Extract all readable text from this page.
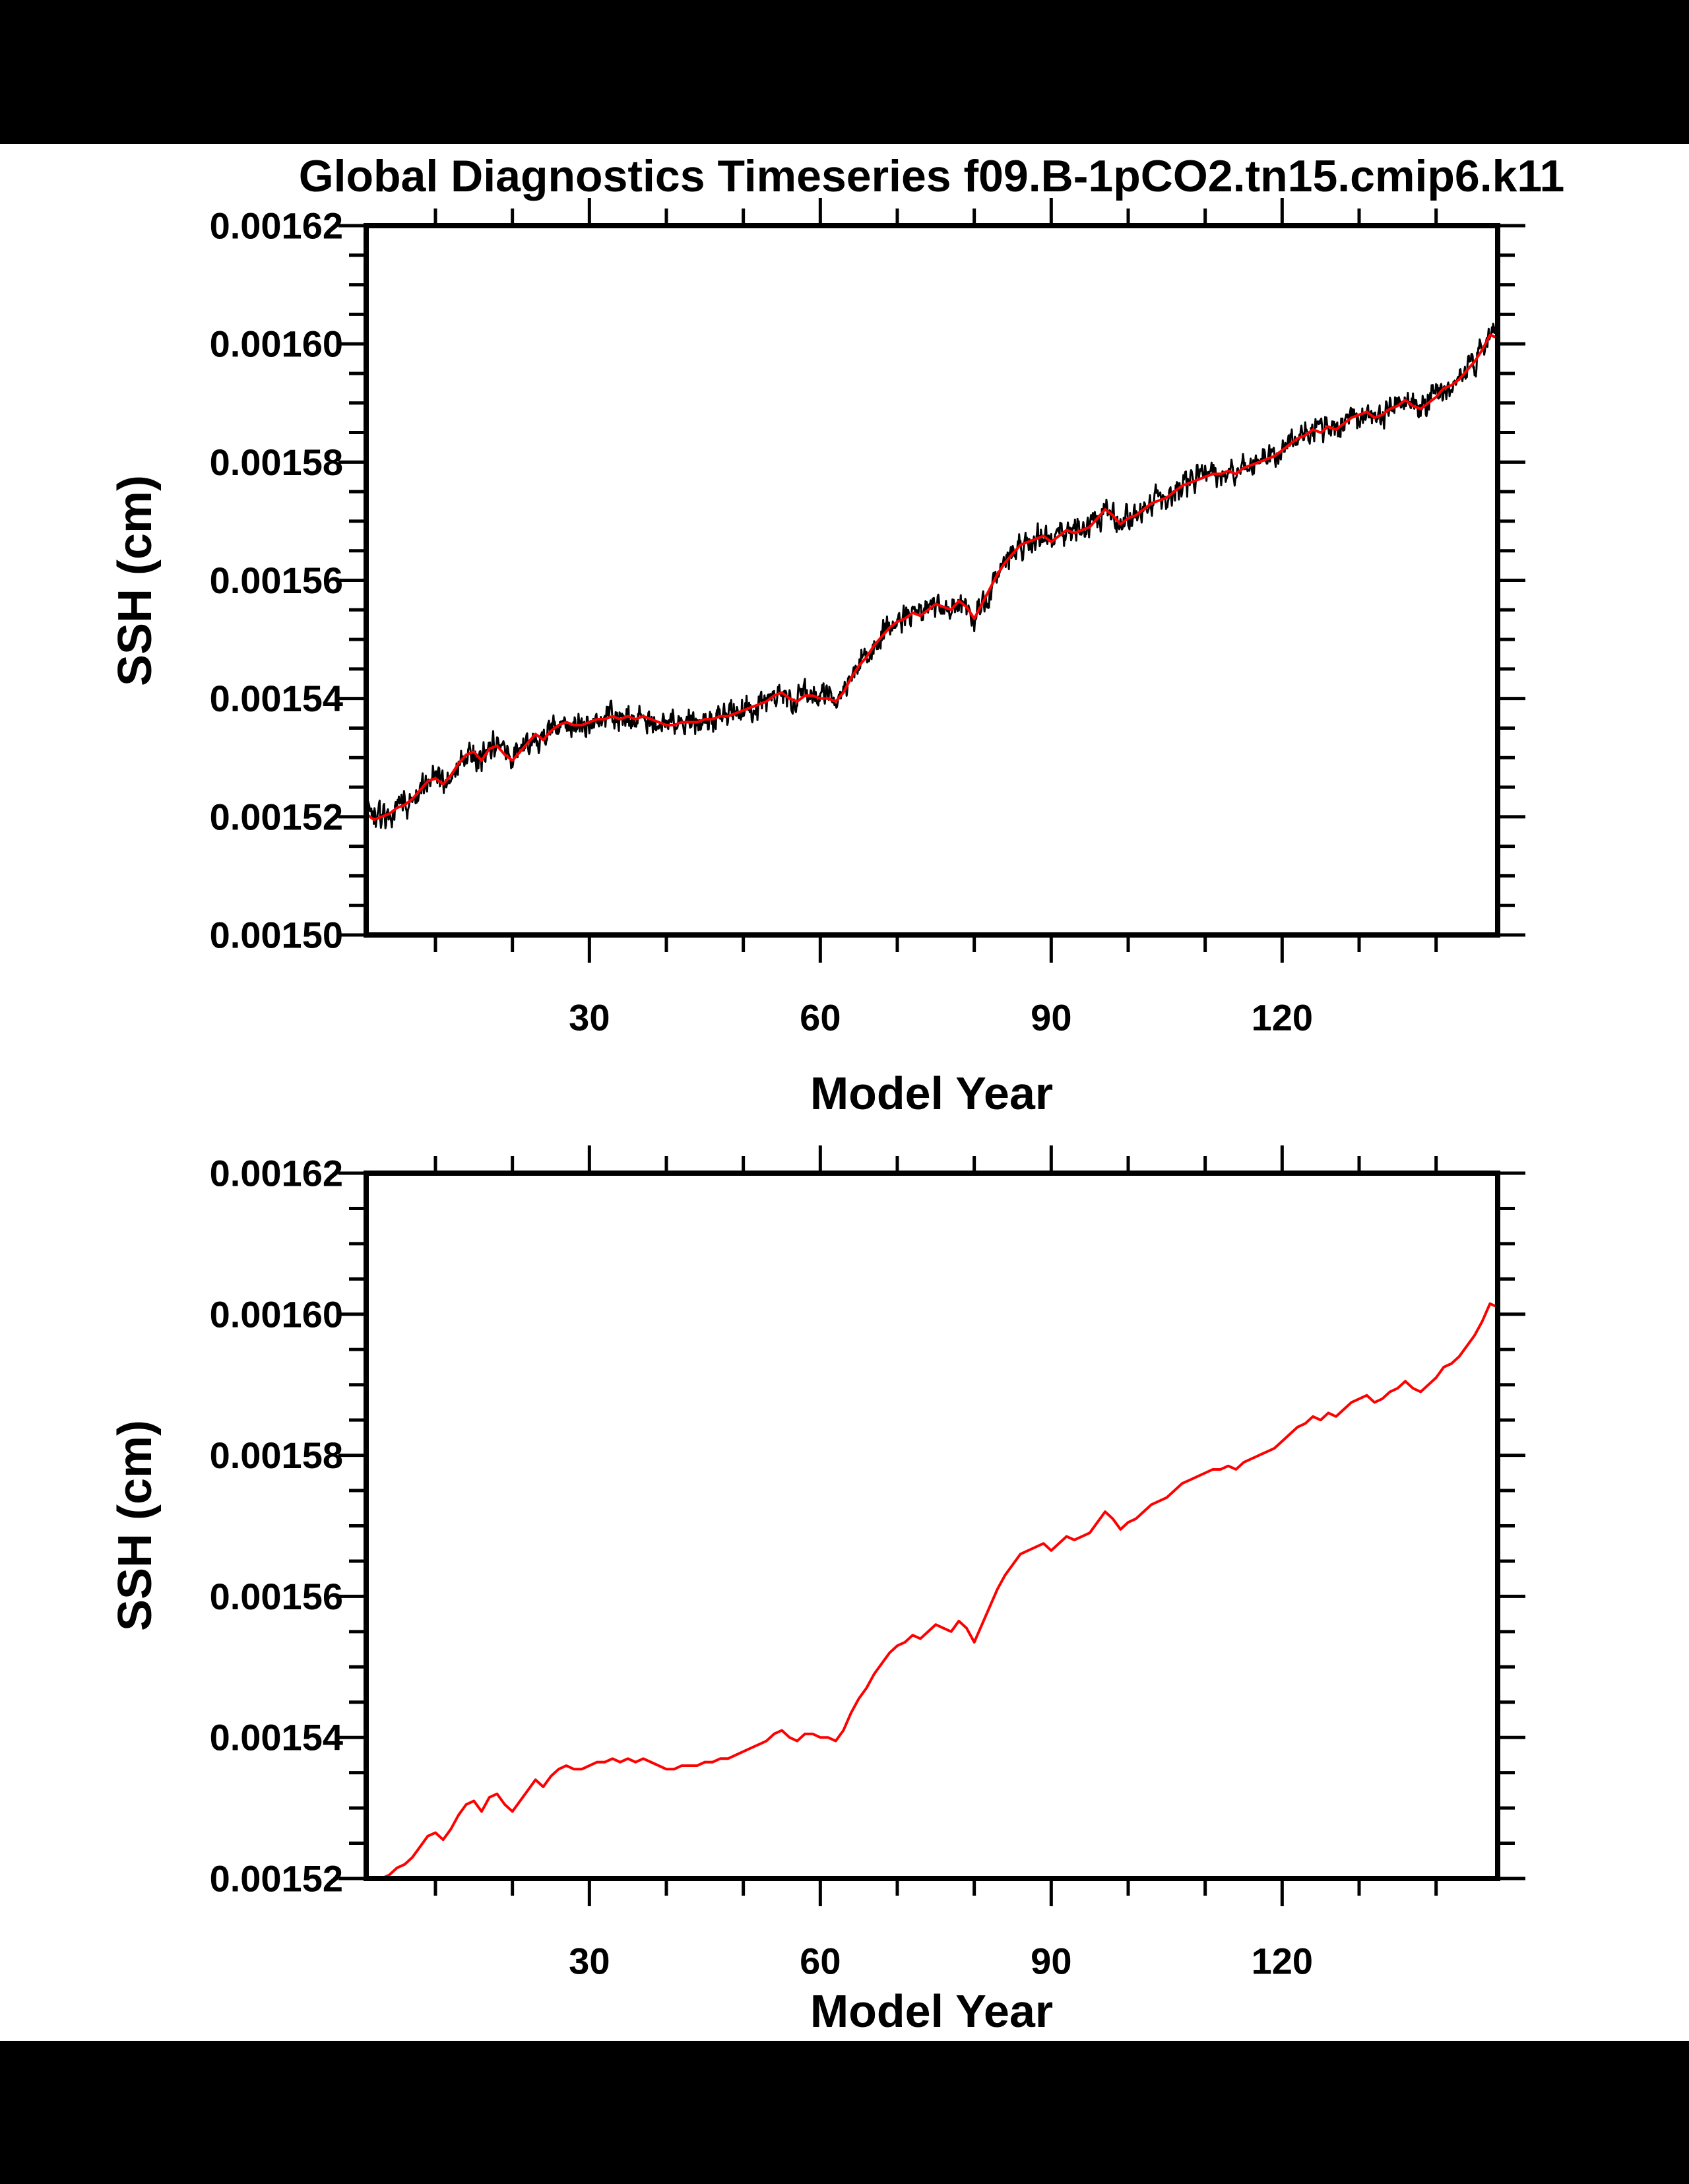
30	60	90	120
0.00150
0.00152
0.00154
0.00156
0.00158
0.00160
0.00162
30	60	90	120
0.00152
0.00154
0.00156
0.00158
0.00160
0.00162
Global Diagnostics Timeseries f09.B-1pCO2.tn15.cmip6.k11
SSH (cm)
Model Year
SSH (cm)
Model Year
